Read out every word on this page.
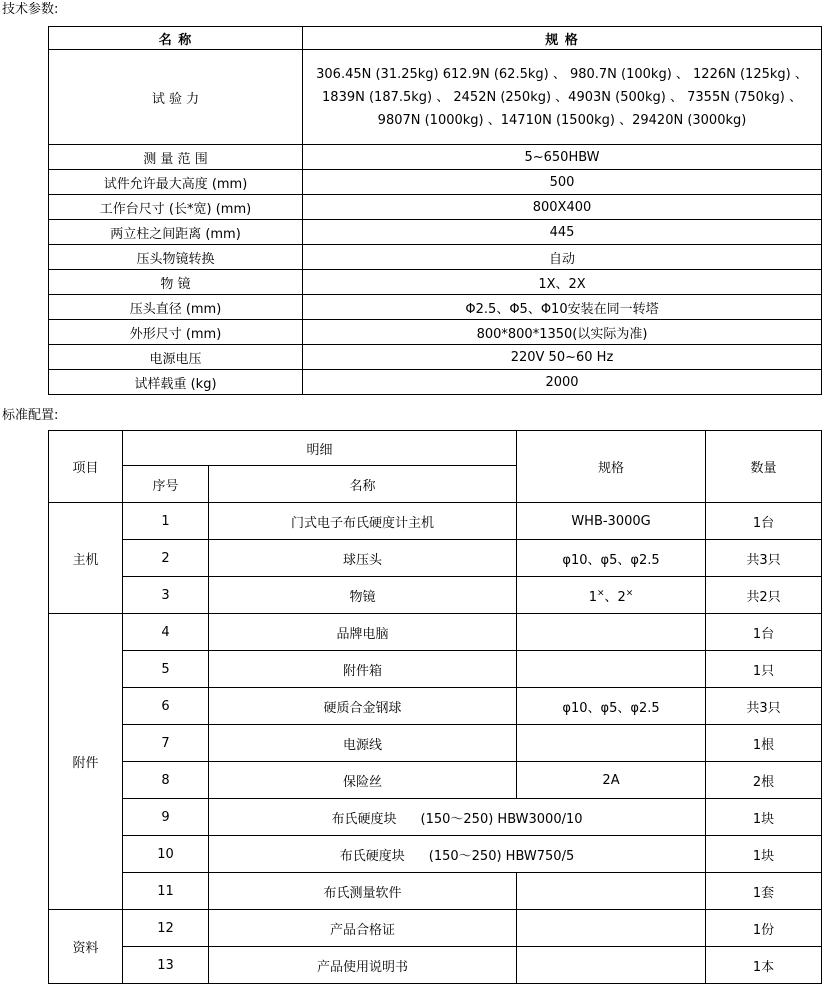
技术参数:
名 称	规 格
试 验 力	306.45N (31.25kg) 612.9N (62.5kg) 、 980.7N (100kg) 、 1226N (125kg) 、1839N (187.5kg) 、 2452N (250kg) 、4903N (500kg) 、 7355N (750kg) 、 9807N (1000kg) 、14710N (1500kg) 、29420N (3000kg)
测 量 范 围	5~650HBW
试件允许最大高度 (mm)	500
工作台尺寸 (长*宽) (mm)	800X400
两立柱之间距离 (mm)	445
压头物镜转换	自动
物 镜	1X、2X
压头直径 (mm)	Φ2.5、Φ5、Φ10安装在同一转塔
外形尺寸 (mm)	800*800*1350(以实际为准)
电源电压	220V 50~60 Hz
试样载重 (kg)	2000
标准配置:
项目	明细		规格	数量
	序号	名称		
主机	1	门式电子布氏硬度计主机	WHB-3000G	1台
	2	球压头	φ10、φ5、φ2.5	共3只
	3	物镜	1×、2×	共2只
附件	4	品牌电脑		1台
	5	附件箱		1只
	6	硬质合金钢球	φ10、φ5、φ2.5	共3只
	7	电源线		1根
	8	保险丝	2A	2根
	9	布氏硬度块 (150～250) HBW3000/10		1块
	10	布氏硬度块 (150～250) HBW750/5		1块
	11	布氏测量软件		1套
资料	12	产品合格证		1份
	13	产品使用说明书		1本
